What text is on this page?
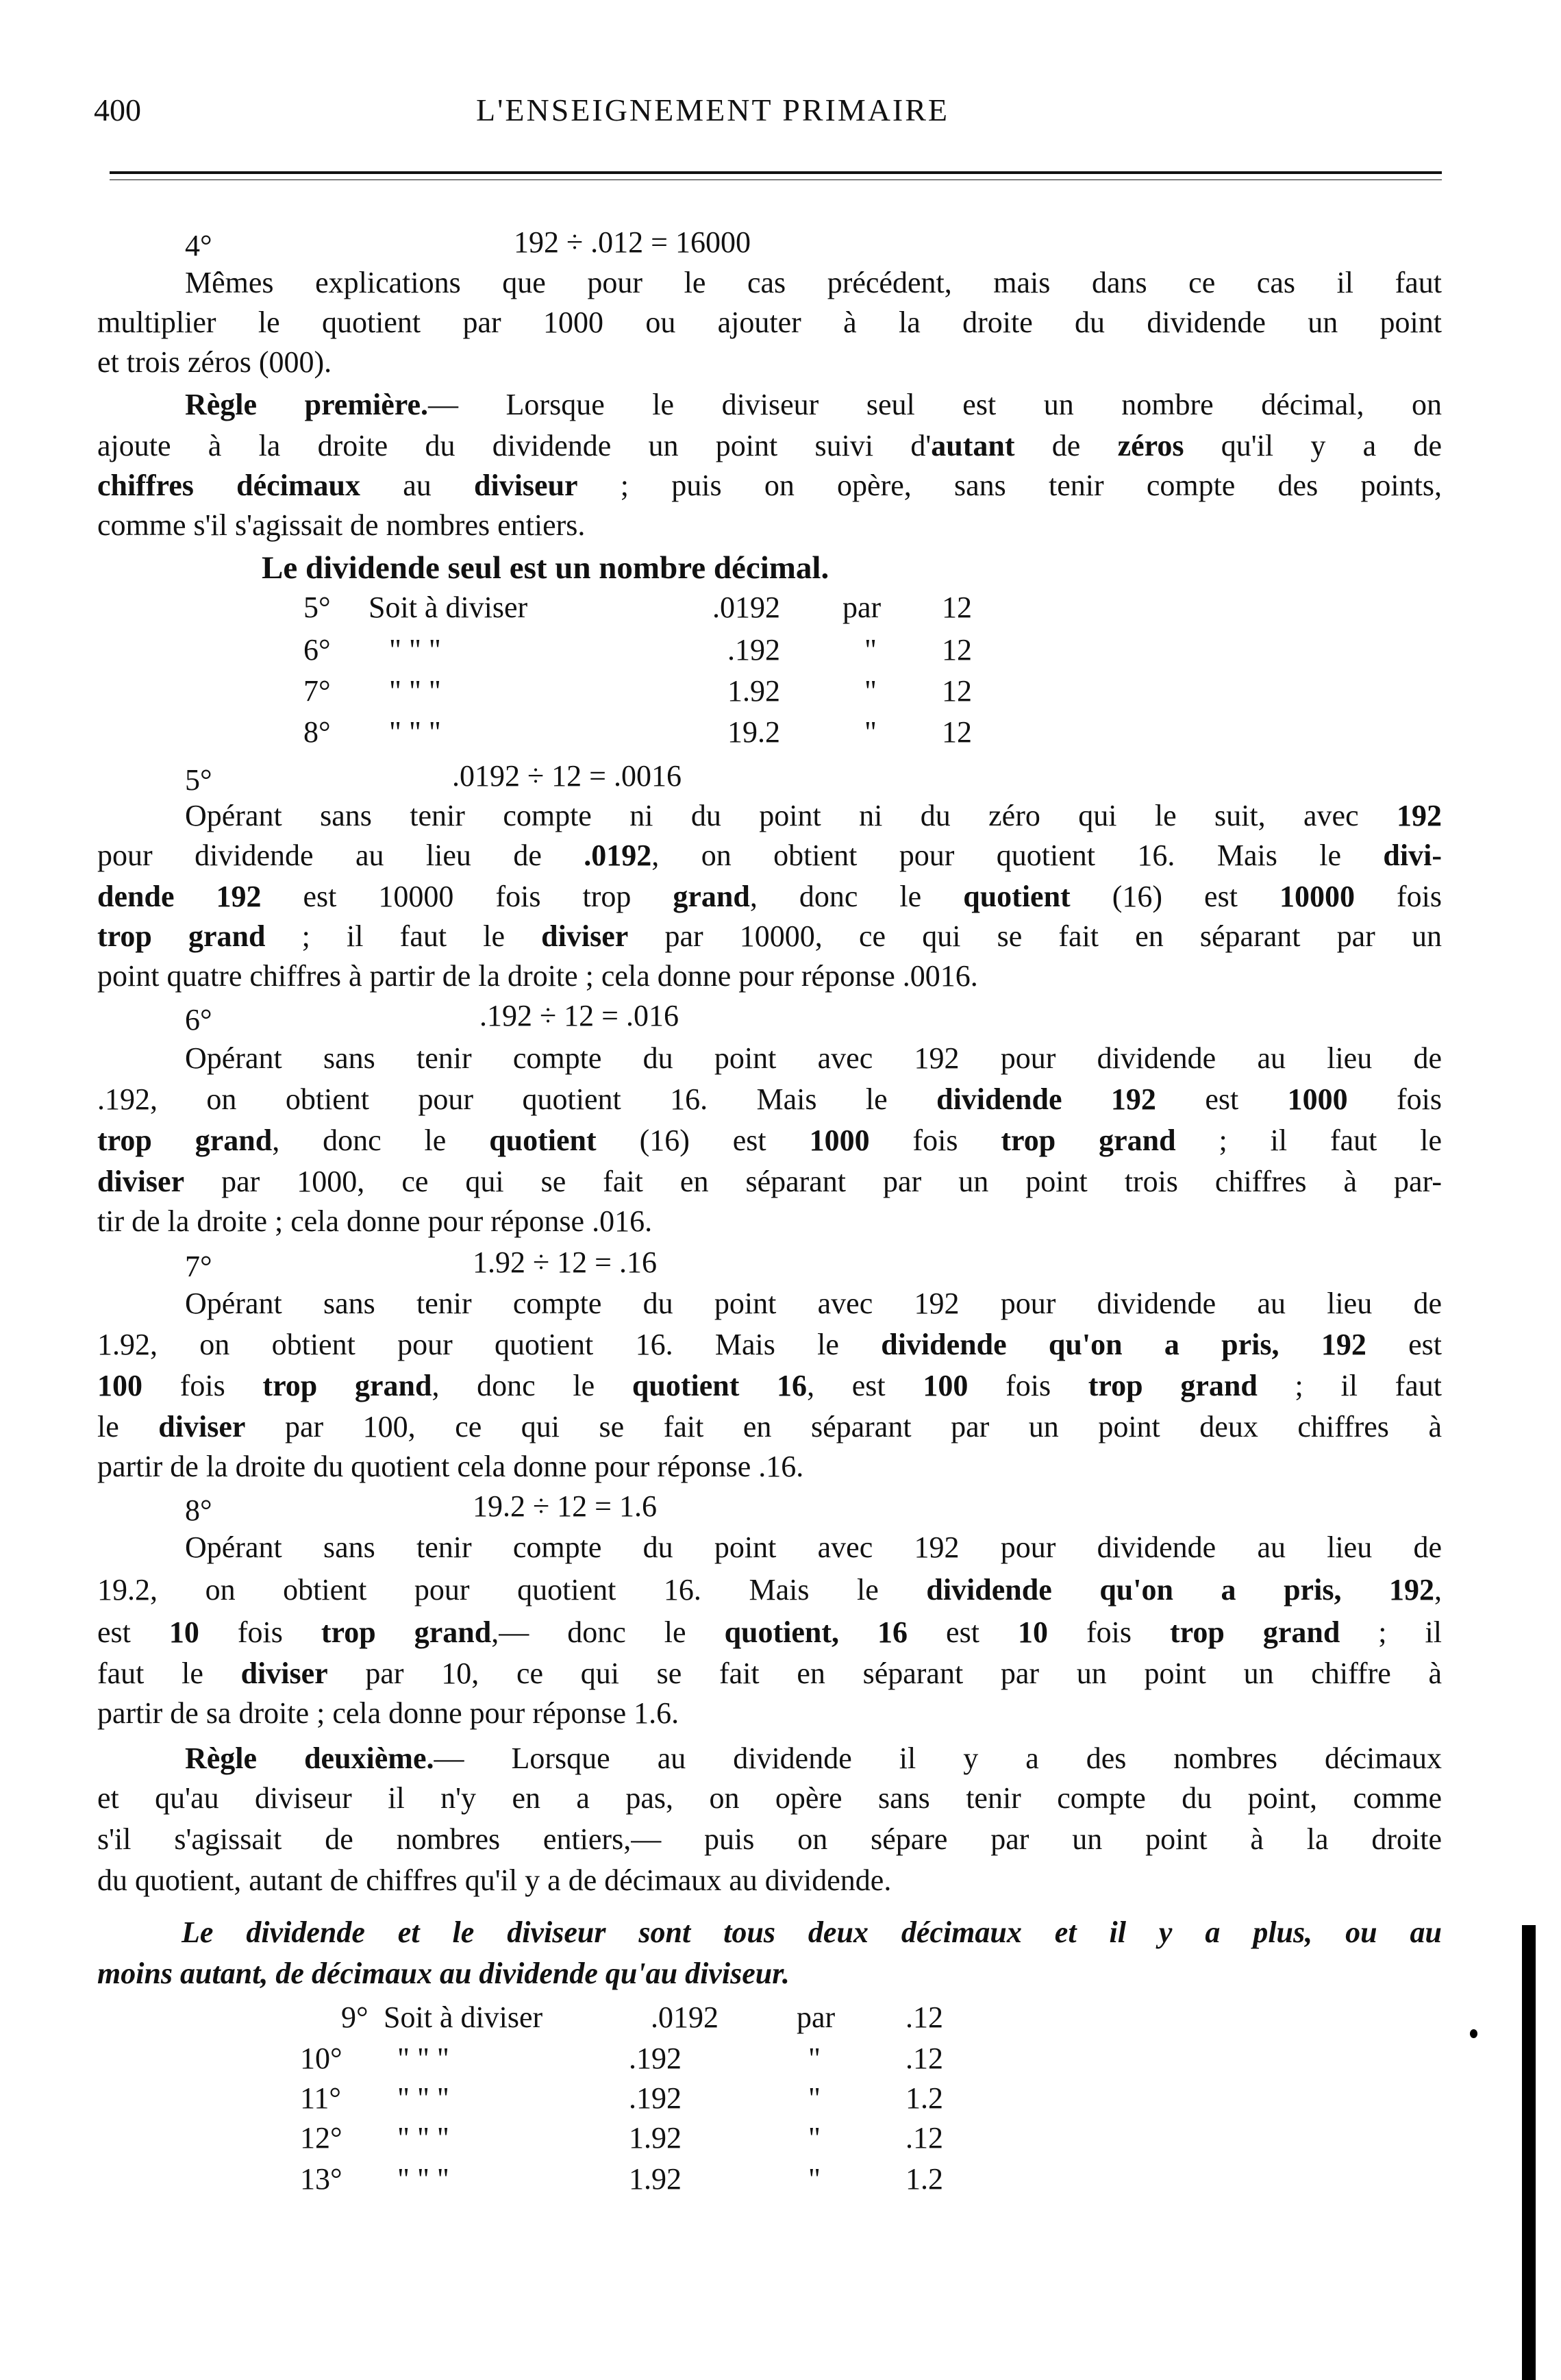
400	L'ENSEIGNEMENT PRIMAIRE
4°	192 ÷ .012 = 16000
Mêmes explications que pour le cas précédent, mais dans ce cas il faut
multiplier le quotient par 1000 ou ajouter à la droite du dividende un point
et trois zéros (000).
Règle première.— Lorsque le diviseur seul est un nombre décimal, on
ajoute à la droite du dividende un point suivi d'autant de zéros qu'il y a de
chiffres décimaux au diviseur ; puis on opère, sans tenir compte des points,
comme s'il s'agissait de nombres entiers.
Le dividende seul est un nombre décimal.
5° Soit à diviser	.0192 par 12
6° " " "	.192	" 12
7° " " "	1.92	" 12
8° " " "	19.2	" 12
5°	.0192 ÷ 12 = .0016
Opérant sans tenir compte ni du point ni du zéro qui le suit, avec 192
pour dividende au lieu de .0192, on obtient pour quotient 16. Mais le divi-
dende 192 est 10000 fois trop grand, donc le quotient (16) est 10000 fois
trop grand ; il faut le diviser par 10000, ce qui se fait en séparant par un
point quatre chiffres à partir de la droite ; cela donne pour réponse .0016.
6°	.192 ÷ 12 = .016
Opérant sans tenir compte du point avec 192 pour dividende au lieu de
.192, on obtient pour quotient 16. Mais le dividende 192 est 1000 fois
trop grand, donc le quotient (16) est 1000 fois trop grand ; il faut le
diviser par 1000, ce qui se fait en séparant par un point trois chiffres à par-
tir de la droite ; cela donne pour réponse .016.
7°	1.92 ÷ 12 = .16
Opérant sans tenir compte du point avec 192 pour dividende au lieu de
1.92, on obtient pour quotient 16. Mais le dividende qu'on a pris, 192 est
100 fois trop grand, donc le quotient 16, est 100 fois trop grand ; il faut
le diviser par 100, ce qui se fait en séparant par un point deux chiffres à
partir de la droite du quotient cela donne pour réponse .16.
8°	19.2 ÷ 12 = 1.6
Opérant sans tenir compte du point avec 192 pour dividende au lieu de
19.2, on obtient pour quotient 16. Mais le dividende qu'on a pris, 192,
est 10 fois trop grand,— donc le quotient, 16 est 10 fois trop grand ; il
faut le diviser par 10, ce qui se fait en séparant par un point un chiffre à
partir de sa droite ; cela donne pour réponse 1.6.
Règle deuxième.— Lorsque au dividende il y a des nombres décimaux
et qu'au diviseur il n'y en a pas, on opère sans tenir compte du point, comme
s'il s'agissait de nombres entiers,— puis on sépare par un point à la droite
du quotient, autant de chiffres qu'il y a de décimaux au dividende.
Le dividende et le diviseur sont tous deux décimaux et il y a plus, ou au
moins autant, de décimaux au dividende qu'au diviseur.
9° Soit à diviser	.0192	par .12
10° " " "	.192	"	.12
11° " " "	.192	"	1.2
12° " " "	1.92	"	.12
13° " " "	1.92	"	1.2
